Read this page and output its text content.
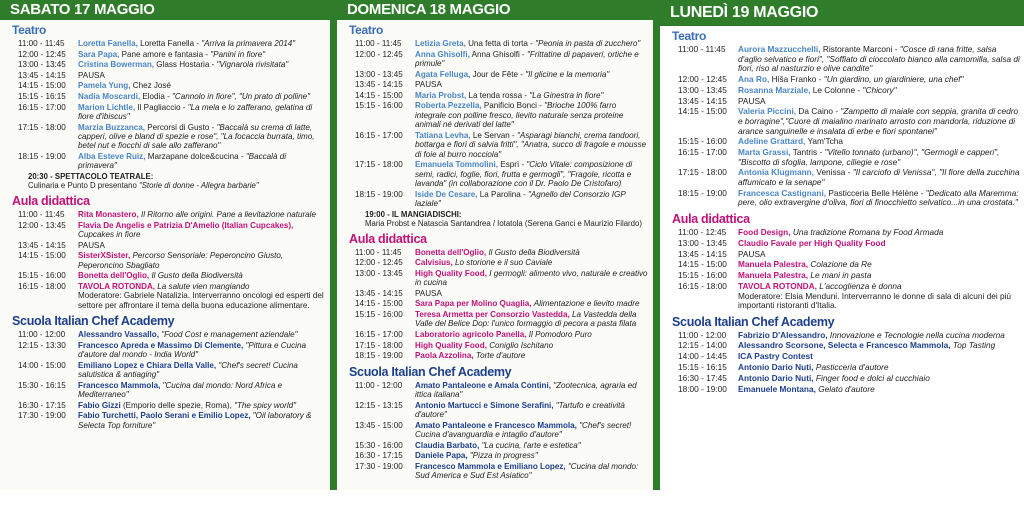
SABATO 17 MAGGIO
Teatro
11:00 - 11:45	Loretta Fanella, Loretta Fanella - "Arriva la primavera 2014"
12:00 - 12:45	Sara Papa, Pane amore e fantasia - "Panini in fiore"
13:00 - 13:45	Cristina Bowerman, Glass Hostaria - "Vignarola rivisitata"
13:45 - 14:15	PAUSA
14:15 - 15:00	Pamela Yung, Chez José
15:15 - 16:15	Nadia Moscardi, Elodia - "Cannolo in fiore", "Un prato di polline"
16:15 - 17:00	Marion Lichtle, Il Pagliaccio - "La mela e lo zafferano, gelatina di fiore d'ibiscus"
17:15 - 18:00	Marzia Buzzanca, Percorsi di Gusto - "Baccalà su crema di latte, capperi, olive e bland di spezie e rose", "La focaccia burrata, timo, betel nut e fiocchi di sale allo zafferano"
18:15 - 19:00	Alba Esteve Ruiz, Marzapane dolce&cucina - "Baccalà di primavera"
20:30 - SPETTACOLO TEATRALE:
Culinaria e Punto D presentano "Storie di donne - Allegra barbarie"
Aula didattica
11:00 - 11:45	Rita Monastero, Il Ritorno alle origini. Pane a lievitazione naturale
12:00 - 13:45	Flavia De Angelis e Patrizia D'Amelio (Italian Cupcakes), Cupcakes in fiore
13:45 - 14:15	PAUSA
14:15 - 15:00	SisterXSister, Percorso Sensoriale: Peperoncino Giusto, Peperoncino Sbagliato
15:15 - 16:00	Bonetta dell'Oglio, Il Gusto della Biodiversità
16:15 - 18:00	TAVOLA ROTONDA, La salute vien mangiando
Moderatore: Gabriele Natalizia. Interverranno oncologi ed esperti del settore per affrontare il tema della buona educazione alimentare.
Scuola Italian Chef Academy
11:00 - 12:00	Alessandro Vassallo, "Food Cost e management aziendale"
12:15 - 13:30	Francesco Apreda e Massimo Di Clemente, "Pittura e Cucina d'autore dal mondo - India World"
14:00 - 15:00	Emiliano Lopez e Chiara Della Valle, "Chef's secret! Cucina salutistica & antiaging"
15:30 - 16:15	Francesco Mammola, "Cucina dal mondo: Nord Africa e Mediterraneo"
16:30 - 17:15	Fabio Gizzi (Emporio delle spezie, Roma), "The spicy world"
17:30 - 19:00	Fabio Turchetti, Paolo Serani e Emilio Lopez, "Oil laboratory & Selecta Top forniture"
DOMENICA 18 MAGGIO
Teatro
11:00 - 11:45	Letizia Greta, Una fetta di torta - "Peonia in pasta di zucchero"
12:00 - 12:45	Anna Ghisolfi, Anna Ghisolfi - "Frittatine di papaveri, ortiche e primule"
13:00 - 13:45	Agata Felluga, Jour de Fête - "Il glicine e la memoria"
13:45 - 14:15	PAUSA
14:15 - 15:00	Maria Probst, La tenda rossa - "La Ginestra in fiore"
15:15 - 16:00	Roberta Pezzella, Panificio Bonci - "Brioche 100% farro integrale con polline fresco, lievito naturale senza proteine animali né derivati del latte"
16:15 - 17:00	Tatiana Levha, Le Servan - "Asparagi bianchi, crema tandoori, bottarga e fiori di salvia fritti", "Anatra, succo di fragole e mousse di foie al burro nocciola"
17:15 - 18:00	Emanuela Tommolini, Esprì - "Ciclo Vitale: composizione di semi, radici, foglie, fiori, frutta e germogli", "Fragole, ricotta e lavanda" (in collaborazione con il Dr. Paolo De Cristofaro)
18:15 - 19:00	Iside De Cesare, La Parolina - "Agnello del Consorzio IGP laziale"
19:00 - IL MANGIADISCHI:
Maria Probst e Natascia Santandrea / Iotatola (Serena Ganci e Maurizio Filardo)
Aula didattica
11:00 - 11:45	Bonetta dell'Oglio, Il Gusto della Biodiversità
12:00 - 12:45	Calvisius, Lo storione e il suo Caviale
13:00 - 13:45	High Quality Food, I germogli: alimento vivo, naturale e creativo in cucina
13:45 - 14:15	PAUSA
14:15 - 15:00	Sara Papa per Molino Quaglia, Alimentazione e lievito madre
15:15 - 16:00	Teresa Armetta per Consorzio Vastedda, La Vastedda della Valle del Belice Dop: l'unico formaggio di pecora a pasta filata
16:15 - 17:00	Laboratorio agricolo Panella, Il Pomodoro Puro
17:15 - 18:00	High Quality Food, Coniglio Ischitano
18:15 - 19:00	Paola Azzolina, Torte d'autore
Scuola Italian Chef Academy
11:00 - 12:00	Amato Pantaleone e Amala Contini, "Zootecnica, agraria ed ittica italiana"
12:15 - 13:15	Antonio Martucci e Simone Serafini, "Tartufo e creatività d'autore"
13:45 - 15:00	Amato Pantaleone e Francesco Mammola, "Chef's secret! Cucina d'avanguardia e intaglio d'autore"
15:30 - 16:00	Claudia Barbato, "La cucina, l'arte e estetica"
16:30 - 17:15	Daniele Papa, "Pizza in progress"
17:30 - 19:00	Francesco Mammola e Emiliano Lopez, "Cucina dal mondo: Sud America e Sud Est Asiatico"
LUNEDÌ 19 MAGGIO
Teatro
11:00 - 11:45	Aurora Mazzucchelli, Ristorante Marconi - "Cosce di rana fritte, salsa d'aglio selvatico e fiori", "Soffiato di cioccolato bianco alla camomilla, salsa di fiori, riso al nasturzio e olive candite"
12:00 - 12:45	Ana Ro, Hiša Franko - "Un giardino, un giardiniere, una chef"
13:00 - 13:45	Rosanna Marziale, Le Colonne - "Chicory"
13:45 - 14:15	PAUSA
14:15 - 15:00	Valeria Piccini, Da Caino - "Zampetto di maiale con seppia, granita di cedro e borragine","Cuore di maialino marinato arrosto con mandorla, riduzione di arance sanguinelle e insalata di erbe e fiori spontanei"
15:15 - 16:00	Adeline Grattard, Yam'Tcha
16:15 - 17:00	Marta Grassi, Tantris - "Vitello tonnato (urbano)", "Germogli e capperi", "Biscotto di sfoglia, lampone, ciliegie e rose"
17:15 - 18:00	Antonia Klugmann, Venissa - "Il carciofo di Venissa", "Il fiore della zucchina affumicato e la senape"
18:15 - 19:00	Francesca Castignani, Pasticceria Belle Hélène - "Dedicato alla Maremma: pere, olio extravergine d'oliva, fiori di finocchietto selvatico...in una crostata."
Aula didattica
11:00 - 12:45	Food Design, Una tradizione Romana by Food Armada
13:00 - 13:45	Claudio Favale per High Quality Food
13:45 - 14:15	PAUSA
14:15 - 15:00	Manuela Palestra, Colazione da Re
15:15 - 16:00	Manuela Palestra, Le mani in pasta
16:15 - 18:00	TAVOLA ROTONDA, L'accoglienza è donna
Moderatore: Elsia Menduni. Interverranno le donne di sala di alcuni dei più importanti ristoranti d'Italia.
Scuola Italian Chef Academy
11:00 - 12:00	Fabrizio D'Alessandro, Innovazione e Tecnologie nella cucina moderna
12:15 - 14:00	Alessandro Scorsone, Selecta e Francesco Mammola, Top Tasting
14:00 - 14:45	ICA Pastry Contest
15:15 - 16:15	Antonio Dario Nuti, Pasticceria d'autore
16:30 - 17:45	Antonio Dario Nuti, Finger food e dolci al cucchiaio
18:00 - 19:00	Emanuele Montana, Gelato d'autore
